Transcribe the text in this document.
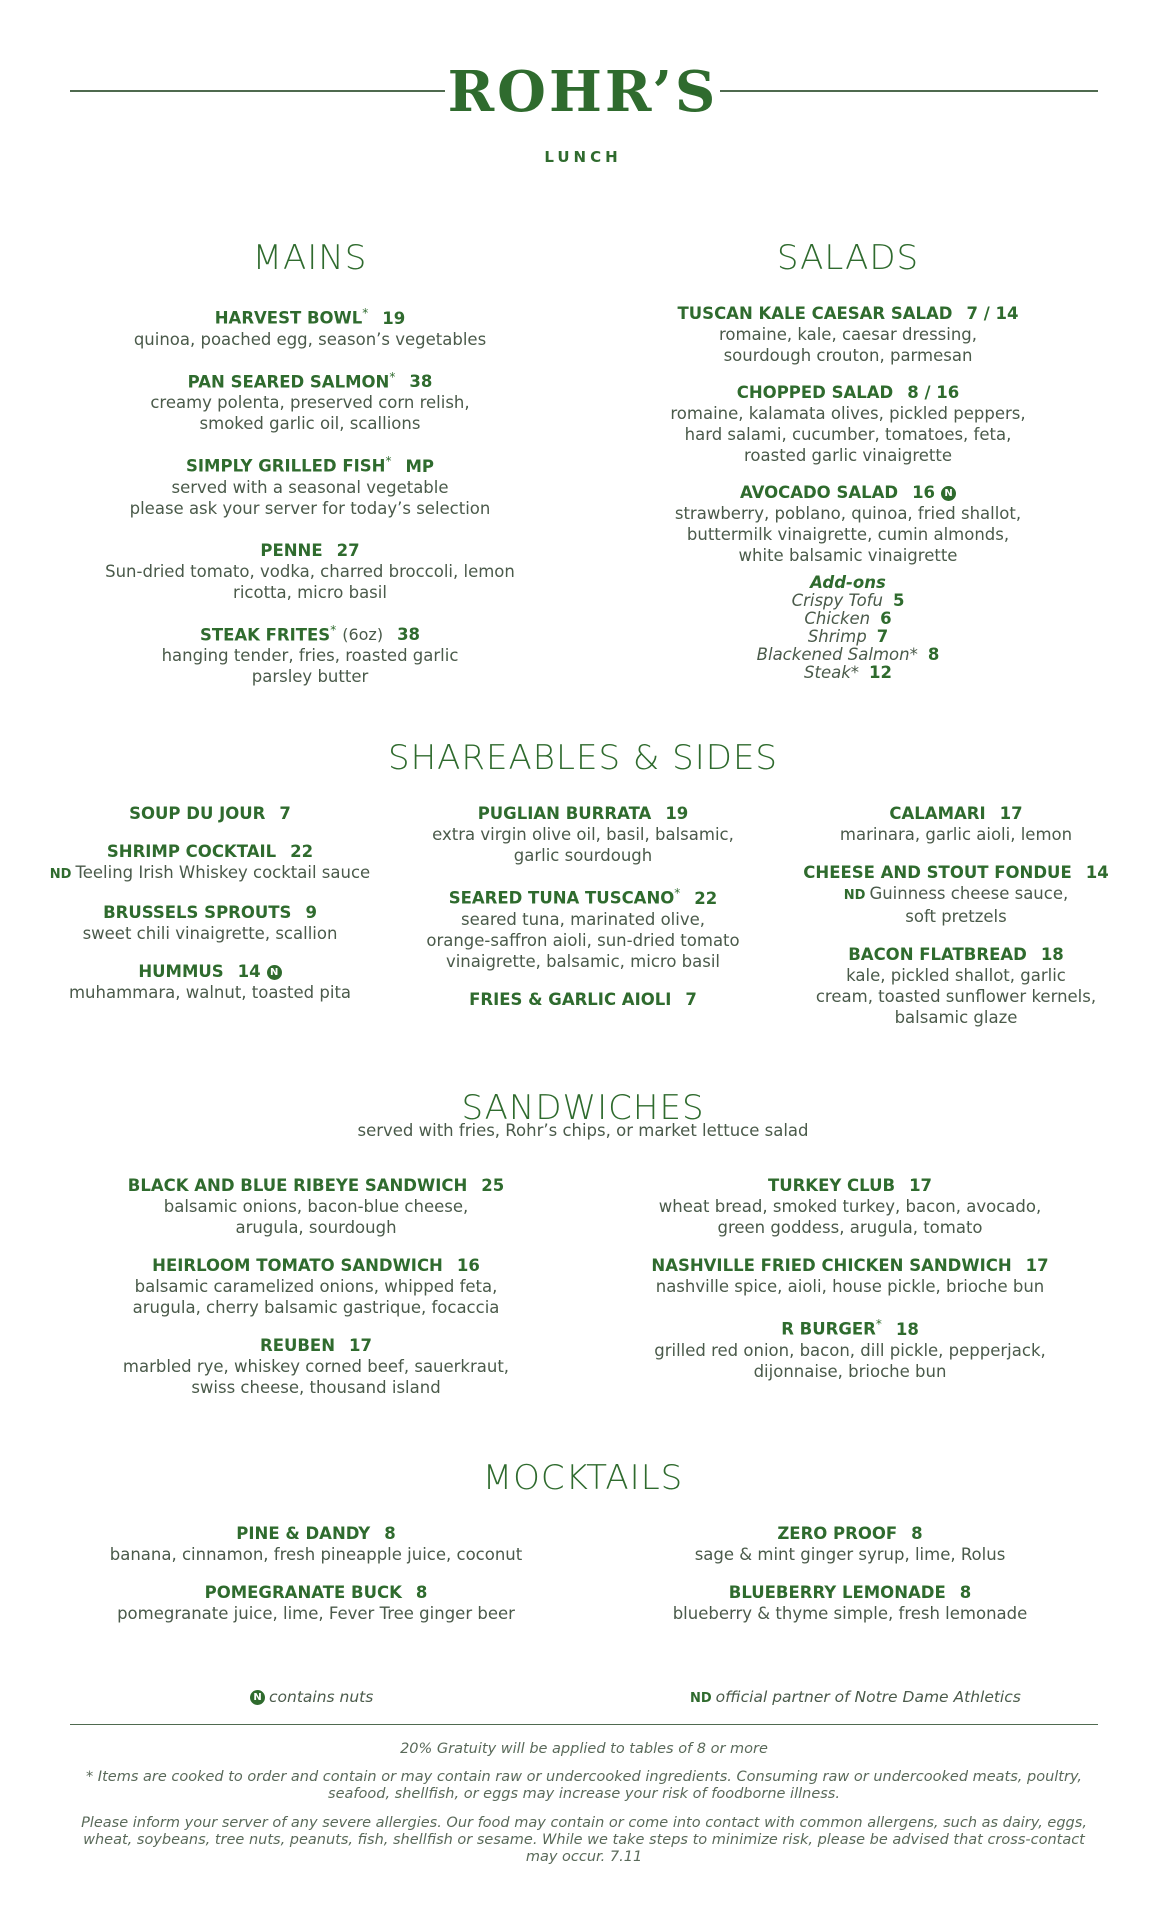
ROHR’S
LUNCH
MAINS
HARVEST BOWL* 19
quinoa, poached egg, season’s vegetables
PAN SEARED SALMON* 38
creamy polenta, preserved corn relish,
smoked garlic oil, scallions
SIMPLY GRILLED FISH* MP
served with a seasonal vegetable
please ask your server for today’s selection
PENNE 27
Sun-dried tomato, vodka, charred broccoli, lemon
ricotta, micro basil
STEAK FRITES* (6oz) 38
hanging tender, fries, roasted garlic
parsley butter
SALADS
TUSCAN KALE CAESAR SALAD 7 / 14
romaine, kale, caesar dressing,
sourdough crouton, parmesan
CHOPPED SALAD 8 / 16
romaine, kalamata olives, pickled peppers,
hard salami, cucumber, tomatoes, feta,
roasted garlic vinaigrette
AVOCADO SALAD 16 N
strawberry, poblano, quinoa, fried shallot,
buttermilk vinaigrette, cumin almonds,
white balsamic vinaigrette
Add-ons
Crispy Tofu 5
Chicken 6
Shrimp 7
Blackened Salmon* 8
Steak* 12
SHAREABLES & SIDES
SOUP DU JOUR 7
SHRIMP COCKTAIL 22
ND Teeling Irish Whiskey cocktail sauce
BRUSSELS SPROUTS 9
sweet chili vinaigrette, scallion
HUMMUS 14 N
muhammara, walnut, toasted pita
PUGLIAN BURRATA 19
extra virgin olive oil, basil, balsamic,
garlic sourdough
SEARED TUNA TUSCANO* 22
seared tuna, marinated olive,
orange-saffron aioli, sun-dried tomato
vinaigrette, balsamic, micro basil
FRIES & GARLIC AIOLI 7
CALAMARI 17
marinara, garlic aioli, lemon
CHEESE AND STOUT FONDUE 14
ND Guinness cheese sauce,
soft pretzels
BACON FLATBREAD 18
kale, pickled shallot, garlic
cream, toasted sunflower kernels,
balsamic glaze
SANDWICHES
served with fries, Rohr’s chips, or market lettuce salad
BLACK AND BLUE RIBEYE SANDWICH 25
balsamic onions, bacon-blue cheese,
arugula, sourdough
HEIRLOOM TOMATO SANDWICH 16
balsamic caramelized onions, whipped feta,
arugula, cherry balsamic gastrique, focaccia
REUBEN 17
marbled rye, whiskey corned beef, sauerkraut,
swiss cheese, thousand island
TURKEY CLUB 17
wheat bread, smoked turkey, bacon, avocado,
green goddess, arugula, tomato
NASHVILLE FRIED CHICKEN SANDWICH 17
nashville spice, aioli, house pickle, brioche bun
R BURGER* 18
grilled red onion, bacon, dill pickle, pepperjack,
dijonnaise, brioche bun
MOCKTAILS
PINE & DANDY 8
banana, cinnamon, fresh pineapple juice, coconut
POMEGRANATE BUCK 8
pomegranate juice, lime, Fever Tree ginger beer
ZERO PROOF 8
sage & mint ginger syrup, lime, Rolus
BLUEBERRY LEMONADE 8
blueberry & thyme simple, fresh lemonade
N contains nuts	ND official partner of Notre Dame Athletics
20% Gratuity will be applied to tables of 8 or more
* Items are cooked to order and contain or may contain raw or undercooked ingredients. Consuming raw or undercooked meats, poultry, seafood, shellfish, or eggs may increase your risk of foodborne illness.
Please inform your server of any severe allergies. Our food may contain or come into contact with common allergens, such as dairy, eggs, wheat, soybeans, tree nuts, peanuts, fish, shellfish or sesame. While we take steps to minimize risk, please be advised that cross-contact may occur. 7.11
